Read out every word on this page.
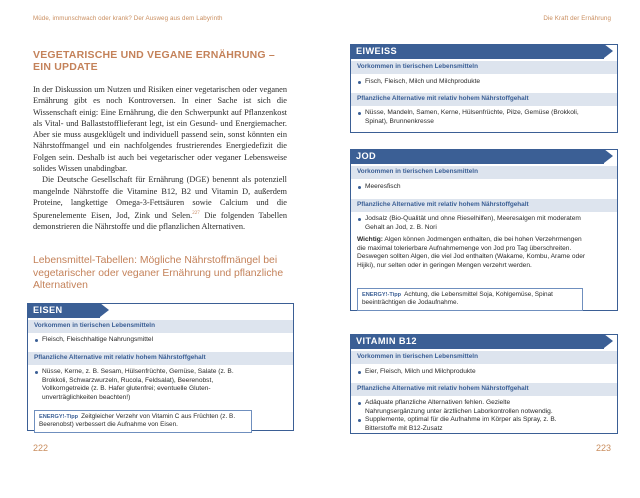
Müde, immunschwach oder krank? Der Ausweg aus dem Labyrinth
VEGETARISCHE UND VEGANE ERNÄHRUNG – EIN UPDATE

In der Diskussion um Nutzen und Risiken einer vegetarischen oder veganen Ernährung gibt es noch Kontroversen. In einer Sache ist sich die Wissenschaft einig: Eine Ernährung, die den Schwerpunkt auf Pflanzenkost als Vital- und Ballaststofflieferant legt, ist ein Gesund- und Energiemacher. Aber sie muss ausgeklügelt und individuell passend sein, sonst könnten ein Nährstoffmangel und ein nachfolgendes frustrierendes Energiedefizit die Folgen sein. Deshalb ist auch bei vegetarischer oder veganer Lebensweise solides Wissen unabdingbar.

Die Deutsche Gesellschaft für Ernährung (DGE) benennt als potenziell mangelnde Nährstoffe die Vitamine B12, B2 und Vitamin D, außerdem Proteine, langkettige Omega-3-Fettsäuren sowie Calcium und die Spurenelemente Eisen, Jod, Zink und Selen.$^{227}$ Die folgenden Tabellen demonstrieren die Nährstoffe und die pflanzlichen Alternativen.

Lebensmittel-Tabellen: Mögliche Nährstoffmängel bei vegetarischer oder veganer Ernährung und pflanzliche Alternativen
EISEN
Vorkommen in tierischen Lebensmitteln
Fleisch, Fleischhaltige Nahrungsmittel
Pflanzliche Alternative mit relativ hohem Nährstoffgehalt
Nüsse, Kerne, z. B. Sesam, Hülsenfrüchte, Gemüse, Salate (z. B. Brokkoli, Schwarzwurzeln, Rucola, Feldsalat), Beerenobst, Vollkorngetreide (z. B. Hafer glutenfrei; eventuelle Gluten-unverträglichkeiten beachten!)
ENERGY!-Tipp Zeitgleicher Verzehr von Vitamin C aus Früchten (z. B. Beerenobst) verbessert die Aufnahme von Eisen.
222
Die Kraft der Ernährung
EIWEISS
Vorkommen in tierischen Lebensmitteln
Fisch, Fleisch, Milch und Milchprodukte
Pflanzliche Alternative mit relativ hohem Nährstoffgehalt
Nüsse, Mandeln, Samen, Kerne, Hülsenfrüchte, Pilze, Gemüse (Brokkoli, Spinat), Brunnenkresse
JOD
Vorkommen in tierischen Lebensmitteln
Meeresfisch
Pflanzliche Alternative mit relativ hohem Nährstoffgehalt
Jodsalz (Bio-Qualität und ohne Rieselhilfen), Meeresalgen mit moderatem Gehalt an Jod, z. B. Nori
Wichtig: Algen können Jodmengen enthalten, die bei hohen Verzehrmengen die maximal tolerierbare Aufnahmemenge von Jod pro Tag überschreiten. Deswegen sollten Algen, die viel Jod enthalten (Wakame, Kombu, Arame oder Hijiki), nur selten oder in geringen Mengen verzehrt werden.
ENERGY!-Tipp Achtung, die Lebensmittel Soja, Kohlgemüse, Spinat beeinträchtigen die Jodaufnahme.
VITAMIN B12
Vorkommen in tierischen Lebensmitteln
Eier, Fleisch, Milch und Milchprodukte
Pflanzliche Alternative mit relativ hohem Nährstoffgehalt
Adäquate pflanzliche Alternativen fehlen. Gezielte Nahrungsergänzung unter ärztlichen Laborkontrollen notwendig.
Supplemente, optimal für die Aufnahme im Körper als Spray, z. B. Bitterstoffe mit B12-Zusatz
223
